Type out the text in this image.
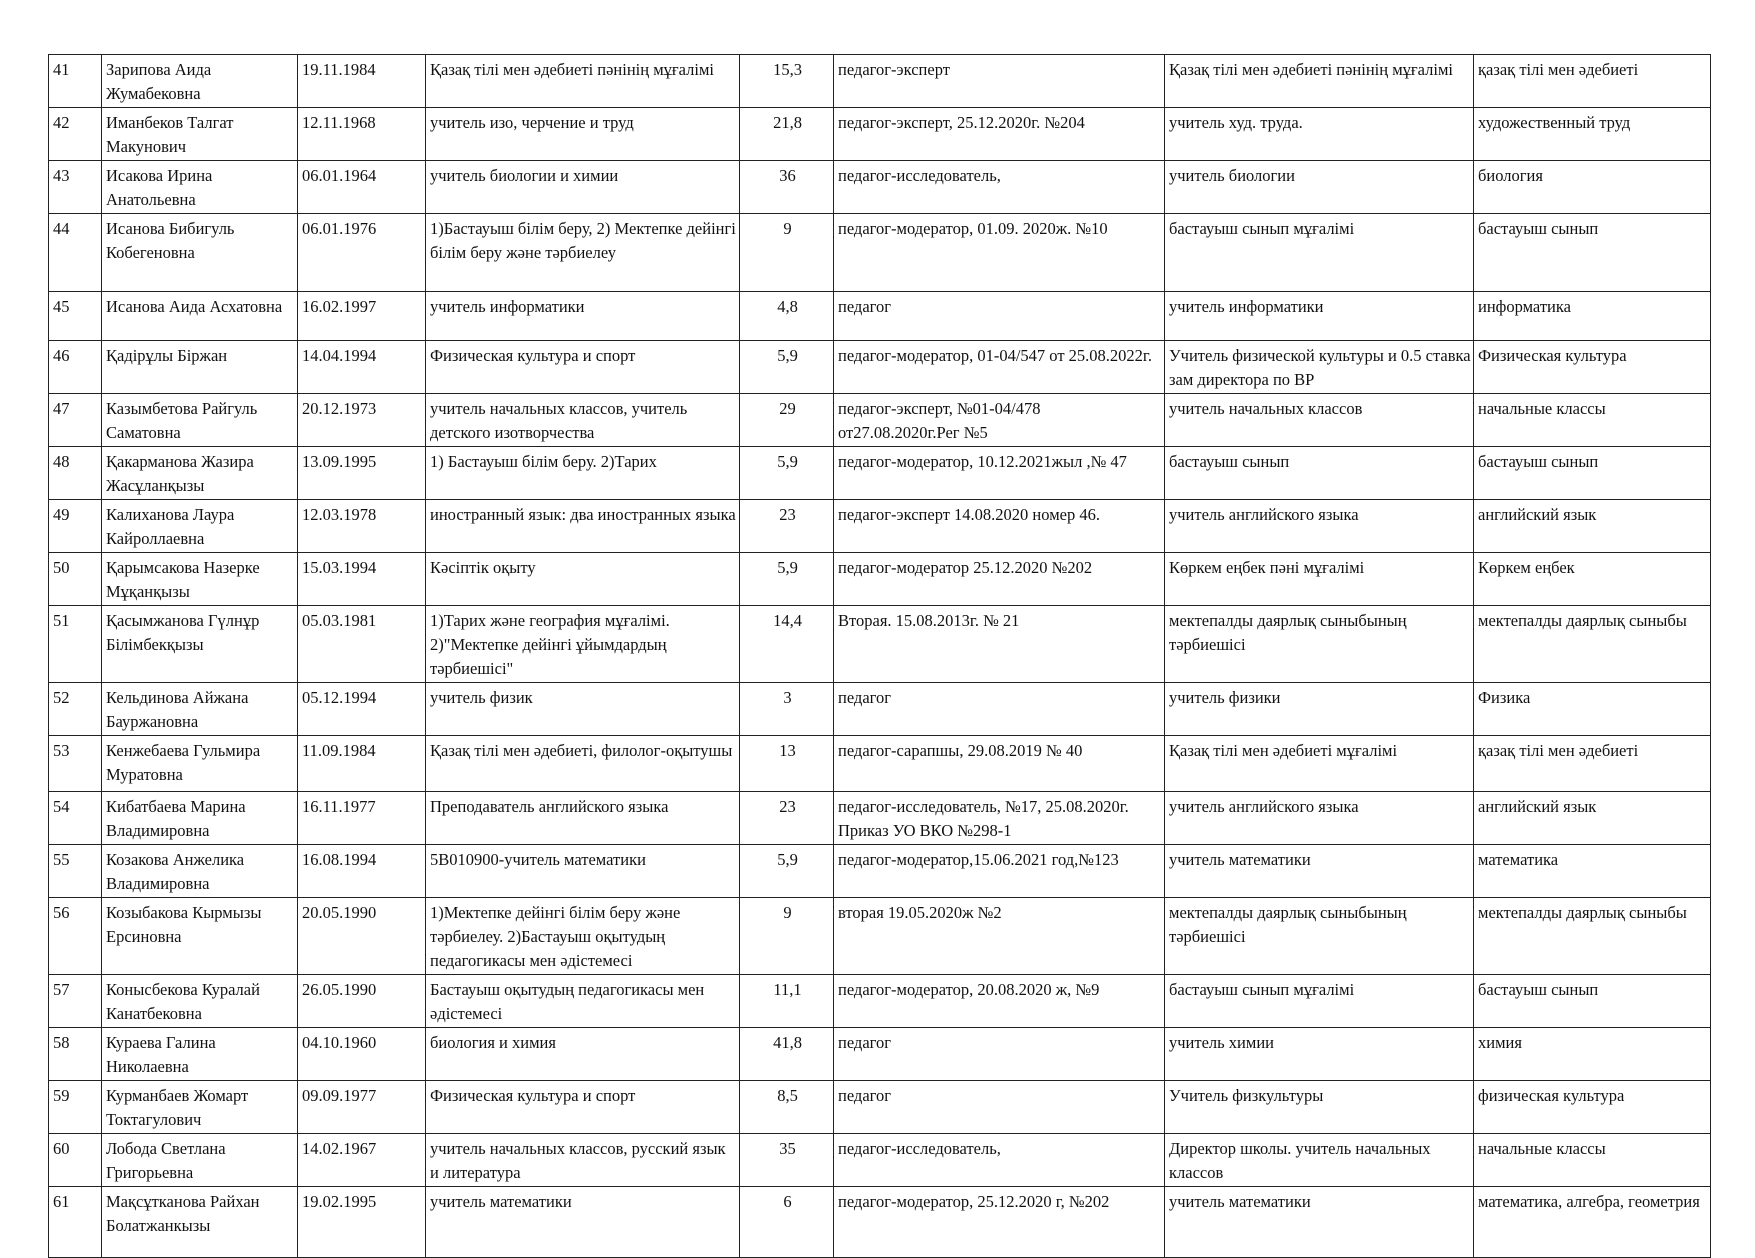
41	Зарипова Аида Жумабековна	19.11.1984	Қазақ тілі мен әдебиеті пәнінің мұғалімі	15,3	педагог-эксперт	Қазақ тілі мен әдебиеті пәнінің мұғалімі	қазақ тілі мен әдебиеті
42	Иманбеков Талгат Макунович	12.11.1968	учитель изо, черчение и труд	21,8	педагог-эксперт, 25.12.2020г. №204	учитель худ. труда.	художественный труд
43	Исакова Ирина Анатольевна	06.01.1964	учитель биологии и химии	36	педагог-исследователь,	учитель биологии	биология
44	Исанова Бибигуль Кобегеновна	06.01.1976	1)Бастауыш білім беру, 2) Мектепке дейінгі білім беру және тәрбиелеу	9	педагог-модератор, 01.09. 2020ж. №10	бастауыш сынып мұғалімі	бастауыш сынып
45	Исанова Аида Асхатовна	16.02.1997	учитель информатики	4,8	педагог	учитель информатики	информатика
46	Қадірұлы Біржан	14.04.1994	Физическая культура и спорт	5,9	педагог-модератор, 01-04/547 от 25.08.2022г.	Учитель физической культуры и 0.5 ставка зам директора по ВР	Физическая культура
47	Казымбетова Райгуль Саматовна	20.12.1973	учитель начальных классов, учитель детского изотворчества	29	педагог-эксперт, №01-04/478 от27.08.2020г.Рег №5	учитель начальных классов	начальные классы
48	Қакарманова Жазира Жасұланқызы	13.09.1995	1) Бастауыш білім беру. 2)Тарих	5,9	педагог-модератор, 10.12.2021жыл ,№ 47	бастауыш сынып	бастауыш сынып
49	Калиханова Лаура Кайроллаевна	12.03.1978	иностранный язык: два иностранных языка	23	педагог-эксперт 14.08.2020 номер 46.	учитель английского языка	английский язык
50	Қарымсакова Назерке Мұқанқызы	15.03.1994	Кәсіптік оқыту	5,9	педагог-модератор 25.12.2020 №202	Көркем еңбек пәні мұғалімі	Көркем еңбек
51	Қасымжанова Гүлнұр Білімбекқызы	05.03.1981	1)Тарих және география мұғалімі. 2)"Мектепке дейінгі ұйымдардың тәрбиешісі"	14,4	Вторая. 15.08.2013г. № 21	мектепалды даярлық сыныбының тәрбиешісі	мектепалды даярлық сыныбы
52	Кельдинова Айжана Бауржановна	05.12.1994	учитель физик	3	педагог	учитель физики	Физика
53	Кенжебаева Гульмира Муратовна	11.09.1984	Қазақ тілі мен әдебиеті, филолог-оқытушы	13	педагог-сарапшы, 29.08.2019 № 40	Қазақ тілі мен әдебиеті мұғалімі	қазақ тілі мен әдебиеті
54	Кибатбаева Марина Владимировна	16.11.1977	Преподаватель английского языка	23	педагог-исследователь, №17, 25.08.2020г. Приказ УО ВКО №298-1	учитель английского языка	английский язык
55	Козакова Анжелика Владимировна	16.08.1994	5В010900-учитель математики	5,9	педагог-модератор,15.06.2021 год,№123	учитель математики	математика
56	Козыбакова Кырмызы Ерсиновна	20.05.1990	1)Мектепке дейінгі білім беру және тәрбиелеу. 2)Бастауыш оқытудың педагогикасы мен әдістемесі	9	вторая 19.05.2020ж №2	мектепалды даярлық сыныбының тәрбиешісі	мектепалды даярлық сыныбы
57	Конысбекова Куралай Канатбековна	26.05.1990	Бастауыш оқытудың педагогикасы мен әдістемесі	11,1	педагог-модератор, 20.08.2020 ж, №9	бастауыш сынып мұғалімі	бастауыш сынып
58	Кураева Галина Николаевна	04.10.1960	биология и химия	41,8	педагог	учитель химии	химия
59	Курманбаев Жомарт Токтагулович	09.09.1977	Физическая культура и спорт	8,5	педагог	Учитель физкультуры	физическая культура
60	Лобода Светлана Григорьевна	14.02.1967	учитель начальных классов, русский язык и литература	35	педагог-исследователь,	Директор школы. учитель начальных классов	начальные классы
61	Мақсұтканова Райхан Болатжанкызы	19.02.1995	учитель математики	6	педагог-модератор, 25.12.2020 г, №202	учитель математики	математика, алгебра, геометрия
